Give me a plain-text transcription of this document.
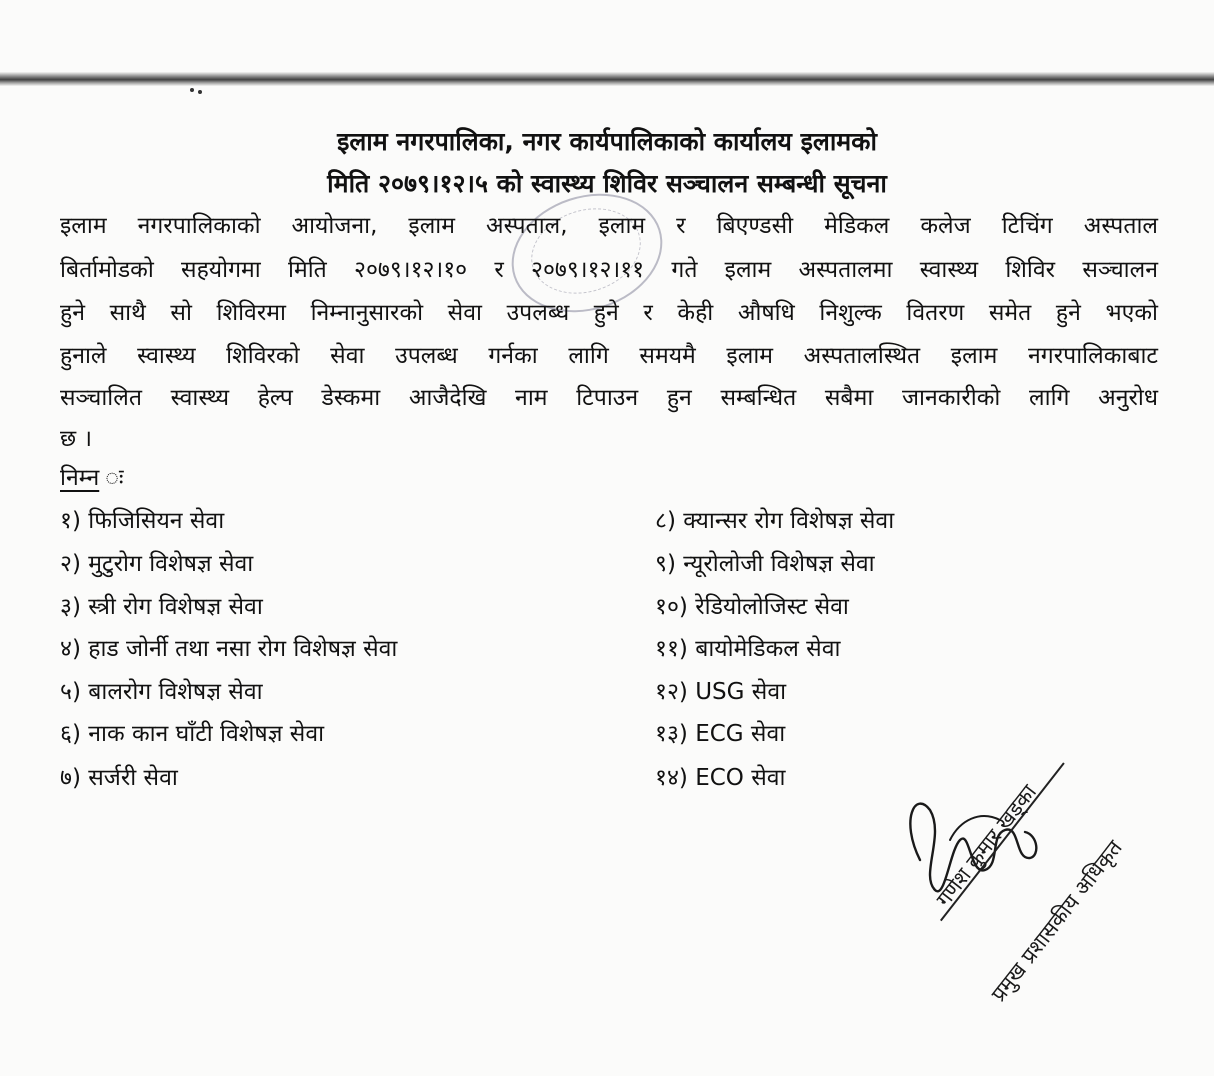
इलाम नगरपालिका, नगर कार्यपालिकाको कार्यालय इलामको
मिति २०७९।१२।५ को स्वास्थ्य शिविर सञ्चालन सम्बन्धी सूचना
इलाम नगरपालिकाको आयोजना, इलाम अस्पताल, इलाम र बिएण्डसी मेडिकल कलेज टिचिंग अस्पताल
बिर्तामोडको सहयोगमा मिति २०७९।१२।१० र २०७९।१२।११ गते इलाम अस्पतालमा स्वास्थ्य शिविर सञ्चालन
हुने साथै सो शिविरमा निम्नानुसारको सेवा उपलब्ध हुने र केही औषधि निशुल्क वितरण समेत हुने भएको
हुनाले स्वास्थ्य शिविरको सेवा उपलब्ध गर्नका लागि समयमै इलाम अस्पतालस्थित इलाम नगरपालिकाबाट
सञ्चालित स्वास्थ्य हेल्प डेस्कमा आजैदेखि नाम टिपाउन हुन सम्बन्धित सबैमा जानकारीको लागि अनुरोध
छ ।
निम्न
१) फिजिसियन सेवा
२) मुटुरोग विशेषज्ञ सेवा
३) स्त्री रोग विशेषज्ञ सेवा
४) हाड जोर्नी तथा नसा रोग विशेषज्ञ सेवा
५) बालरोग विशेषज्ञ सेवा
६) नाक कान घाँटी विशेषज्ञ सेवा
७) सर्जरी सेवा
८) क्यान्सर रोग विशेषज्ञ सेवा
९) न्यूरोलोजी विशेषज्ञ सेवा
१०) रेडियोलोजिस्ट सेवा
११) बायोमेडिकल सेवा
१२) USG सेवा
१३) ECG सेवा
१४) ECO सेवा
गणेश कुमार खड्का
प्रमुख प्रशासकीय अधिकृत
